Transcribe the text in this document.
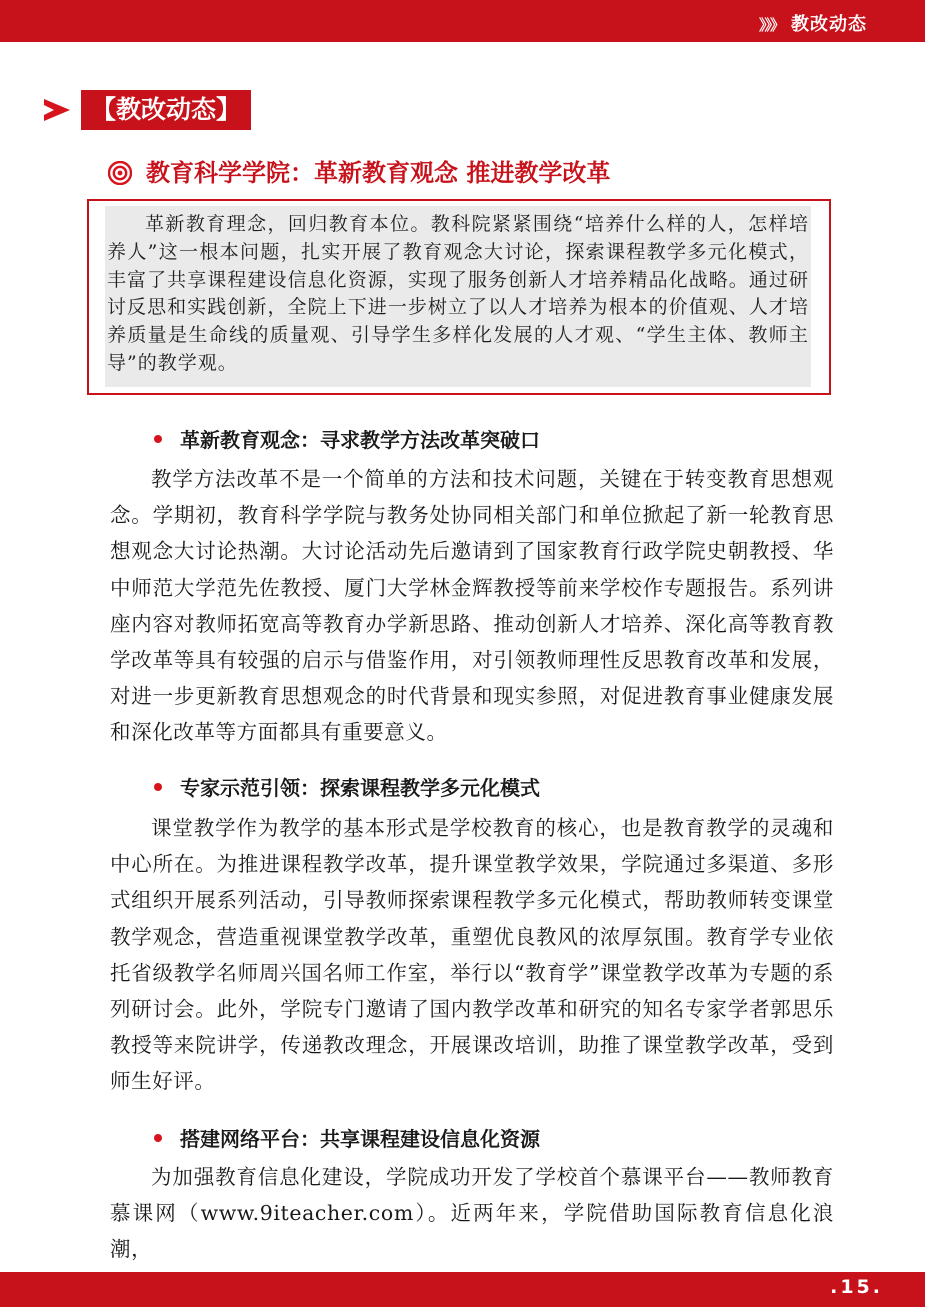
》》》 教改动态
【教改动态】
教育科学学院：革新教育观念 推进教学改革

革新教育理念，回归教育本位。教科院紧紧围绕“培养什么样的人，怎样培养人”这一根本问题，扎实开展了教育观念大讨论，探索课程教学多元化模式，丰富了共享课程建设信息化资源，实现了服务创新人才培养精品化战略。通过研讨反思和实践创新，全院上下进一步树立了以人才培养为根本的价值观、人才培养质量是生命线的质量观、引导学生多样化发展的人才观、“学生主体、教师主导”的教学观。

革新教育观念：寻求教学方法改革突破口

教学方法改革不是一个简单的方法和技术问题，关键在于转变教育思想观念。学期初，教育科学学院与教务处协同相关部门和单位掀起了新一轮教育思想观念大讨论热潮。大讨论活动先后邀请到了国家教育行政学院史朝教授、华中师范大学范先佐教授、厦门大学林金辉教授等前来学校作专题报告。系列讲座内容对教师拓宽高等教育办学新思路、推动创新人才培养、深化高等教育教学改革等具有较强的启示与借鉴作用，对引领教师理性反思教育改革和发展，对进一步更新教育思想观念的时代背景和现实参照，对促进教育事业健康发展和深化改革等方面都具有重要意义。

专家示范引领：探索课程教学多元化模式

课堂教学作为教学的基本形式是学校教育的核心，也是教育教学的灵魂和中心所在。为推进课程教学改革，提升课堂教学效果，学院通过多渠道、多形式组织开展系列活动，引导教师探索课程教学多元化模式，帮助教师转变课堂教学观念，营造重视课堂教学改革，重塑优良教风的浓厚氛围。教育学专业依托省级教学名师周兴国名师工作室，举行以“教育学”课堂教学改革为专题的系列研讨会。此外，学院专门邀请了国内教学改革和研究的知名专家学者郭思乐教授等来院讲学，传递教改理念，开展课改培训，助推了课堂教学改革，受到师生好评。

搭建网络平台：共享课程建设信息化资源

为加强教育信息化建设，学院成功开发了学校首个慕课平台——教师教育慕课网（www.9iteacher.com）。近两年来，学院借助国际教育信息化浪潮，

.15.
